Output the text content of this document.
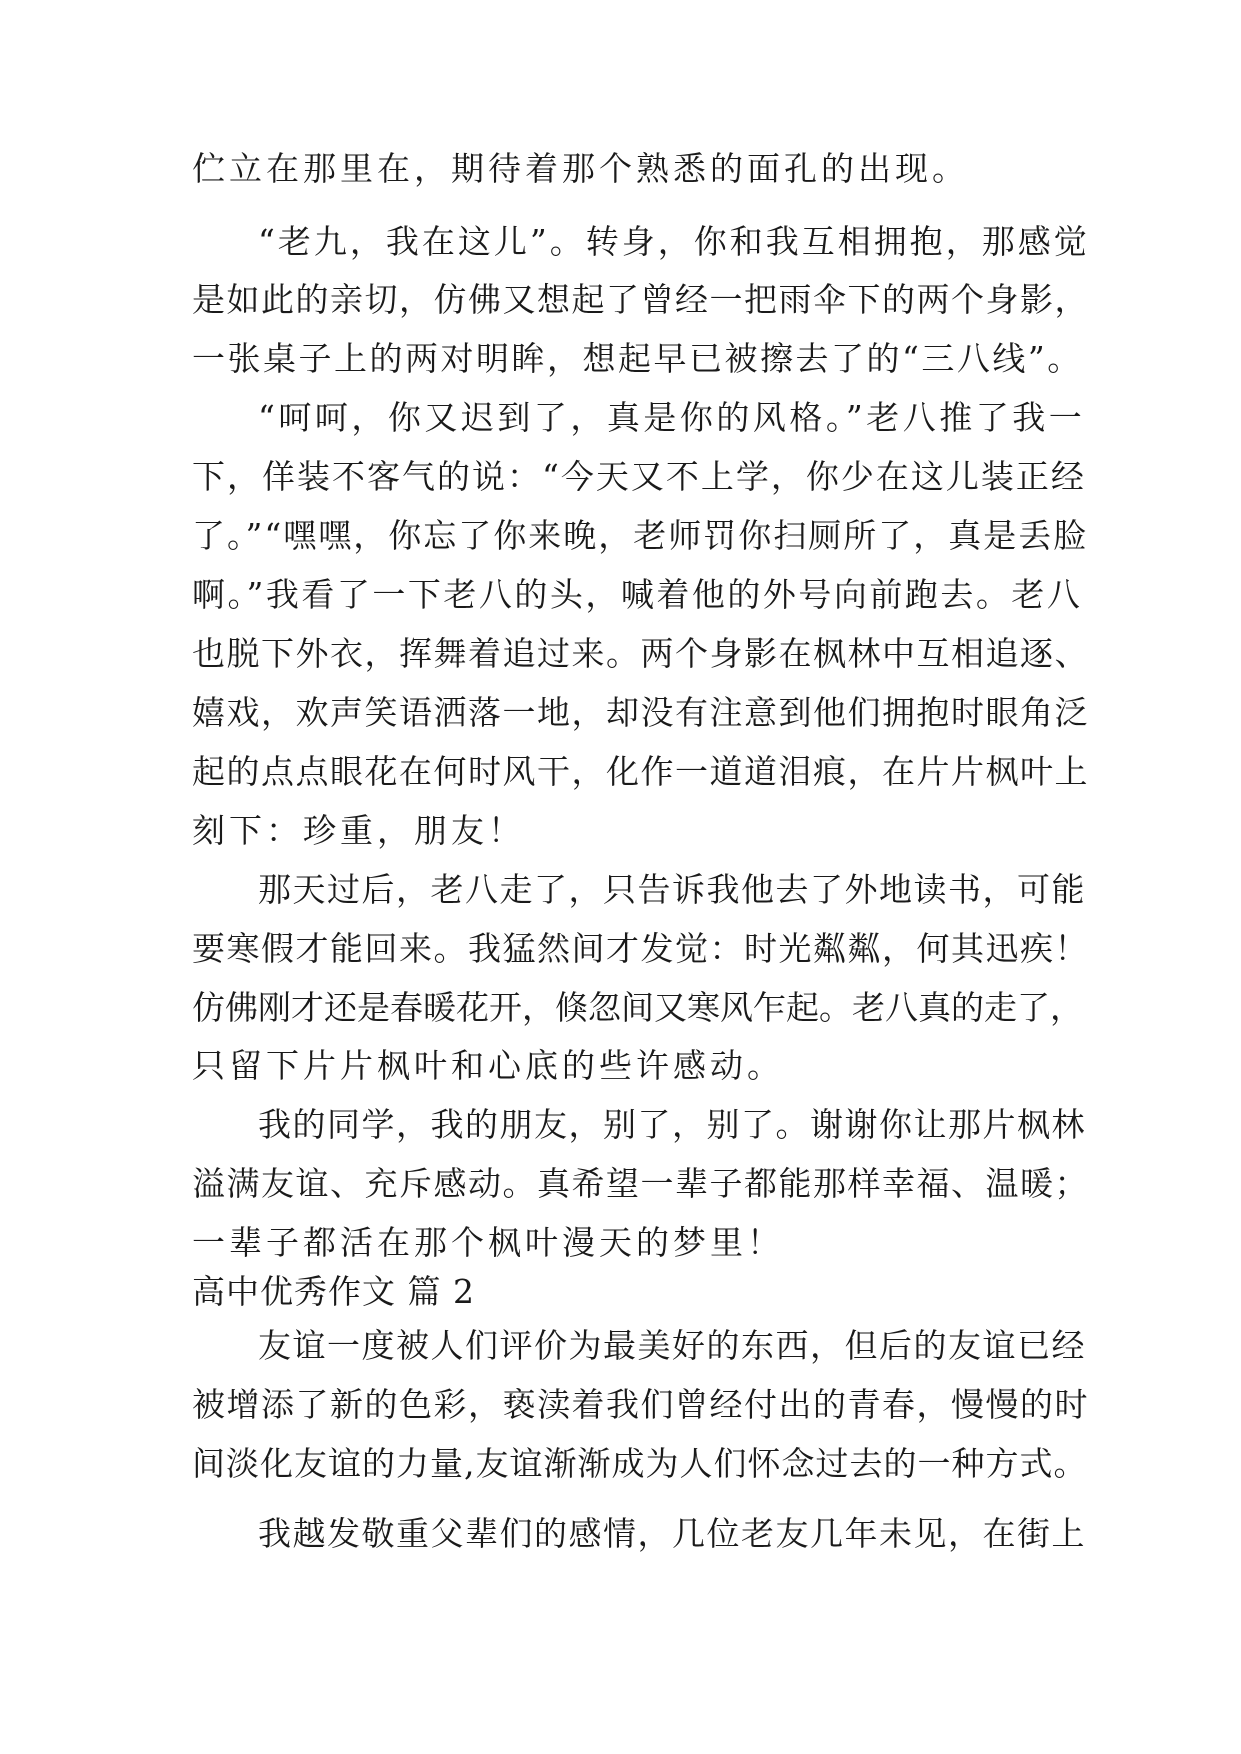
伫立在那里在，期待着那个熟悉的面孔的出现。

“老九，我在这儿”。转身，你和我互相拥抱，那感觉

是如此的亲切，仿佛又想起了曾经一把雨伞下的两个身影，

一张桌子上的两对明眸，想起早已被擦去了的“三八线”。

“呵呵，你又迟到了，真是你的风格。”老八推了我一

下，佯装不客气的说：“今天又不上学，你少在这儿装正经

了。”“嘿嘿，你忘了你来晚，老师罚你扫厕所了，真是丢脸

啊。”我看了一下老八的头，喊着他的外号向前跑去。老八

也脱下外衣，挥舞着追过来。两个身影在枫林中互相追逐、

嬉戏，欢声笑语洒落一地，却没有注意到他们拥抱时眼角泛

起的点点眼花在何时风干，化作一道道泪痕，在片片枫叶上

刻下：珍重，朋友！

那天过后，老八走了，只告诉我他去了外地读书，可能

要寒假才能回来。我猛然间才发觉：时光粼粼，何其迅疾！

仿佛刚才还是春暖花开，倏忽间又寒风乍起。老八真的走了，

只留下片片枫叶和心底的些许感动。

我的同学，我的朋友，别了，别了。谢谢你让那片枫林

溢满友谊、充斥感动。真希望一辈子都能那样幸福、温暖；

一辈子都活在那个枫叶漫天的梦里！

高中优秀作文 篇 2

友谊一度被人们评价为最美好的东西，但后的友谊已经

被增添了新的色彩，亵渎着我们曾经付出的青春，慢慢的时

间淡化友谊的力量,友谊渐渐成为人们怀念过去的一种方式。

我越发敬重父辈们的感情，几位老友几年未见，在街上
